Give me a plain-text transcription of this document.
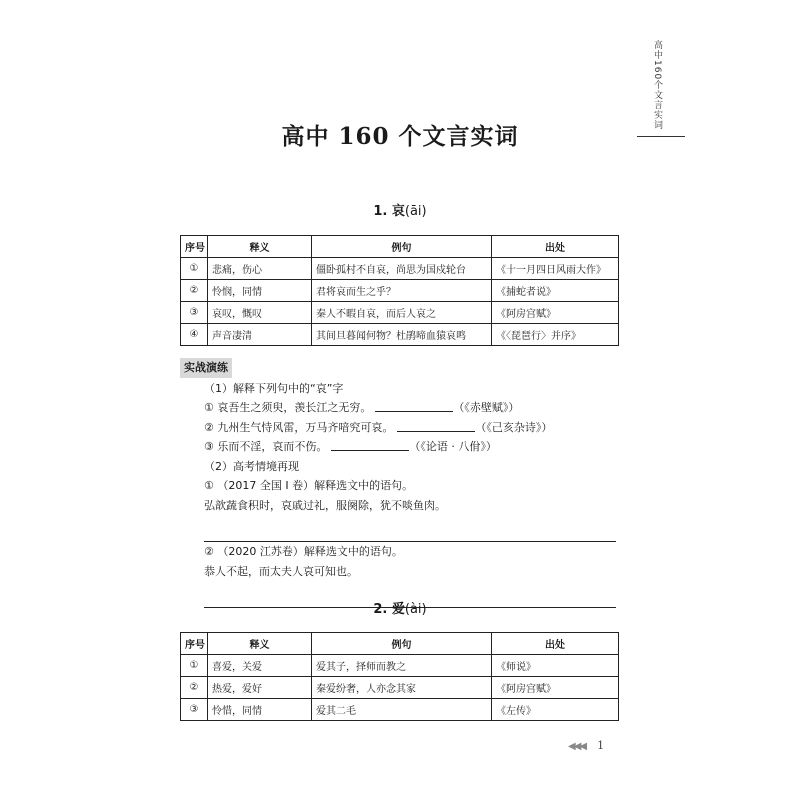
高中160个文言实词
高中 160 个文言实词
1. 哀(āi)
序号	释义	例句	出处
①	悲痛，伤心	僵卧孤村不自哀，尚思为国戍轮台	《十一月四日风雨大作》
②	怜悯，同情	君将哀而生之乎？	《捕蛇者说》
③	哀叹，慨叹	秦人不暇自哀，而后人哀之	《阿房宫赋》
④	声音凄清	其间旦暮闻何物？杜鹃啼血猿哀鸣	《〈琵琶行〉并序》
实战演练
（1）解释下列句中的“哀”字
① 哀吾生之须臾，羡长江之无穷。	（《赤壁赋》）
② 九州生气恃风雷，万马齐喑究可哀。	（《己亥杂诗》）
③ 乐而不淫，哀而不伤。	（《论语 · 八佾》）
（2）高考情境再现
① （2017 全国 Ⅰ 卷）解释选文中的语句。
弘歆蔬食积时，哀戚过礼，服阕除，犹不啖鱼肉。
② （2020 江苏卷）解释选文中的语句。
恭人不起，而太夫人哀可知也。
2. 爱(ài)
序号	释义	例句	出处
①	喜爱，关爱	爱其子，择师而教之	《师说》
②	热爱，爱好	秦爱纷奢，人亦念其家	《阿房宫赋》
③	怜惜，同情	爱其二毛	《左传》
◀◀◀ 1
